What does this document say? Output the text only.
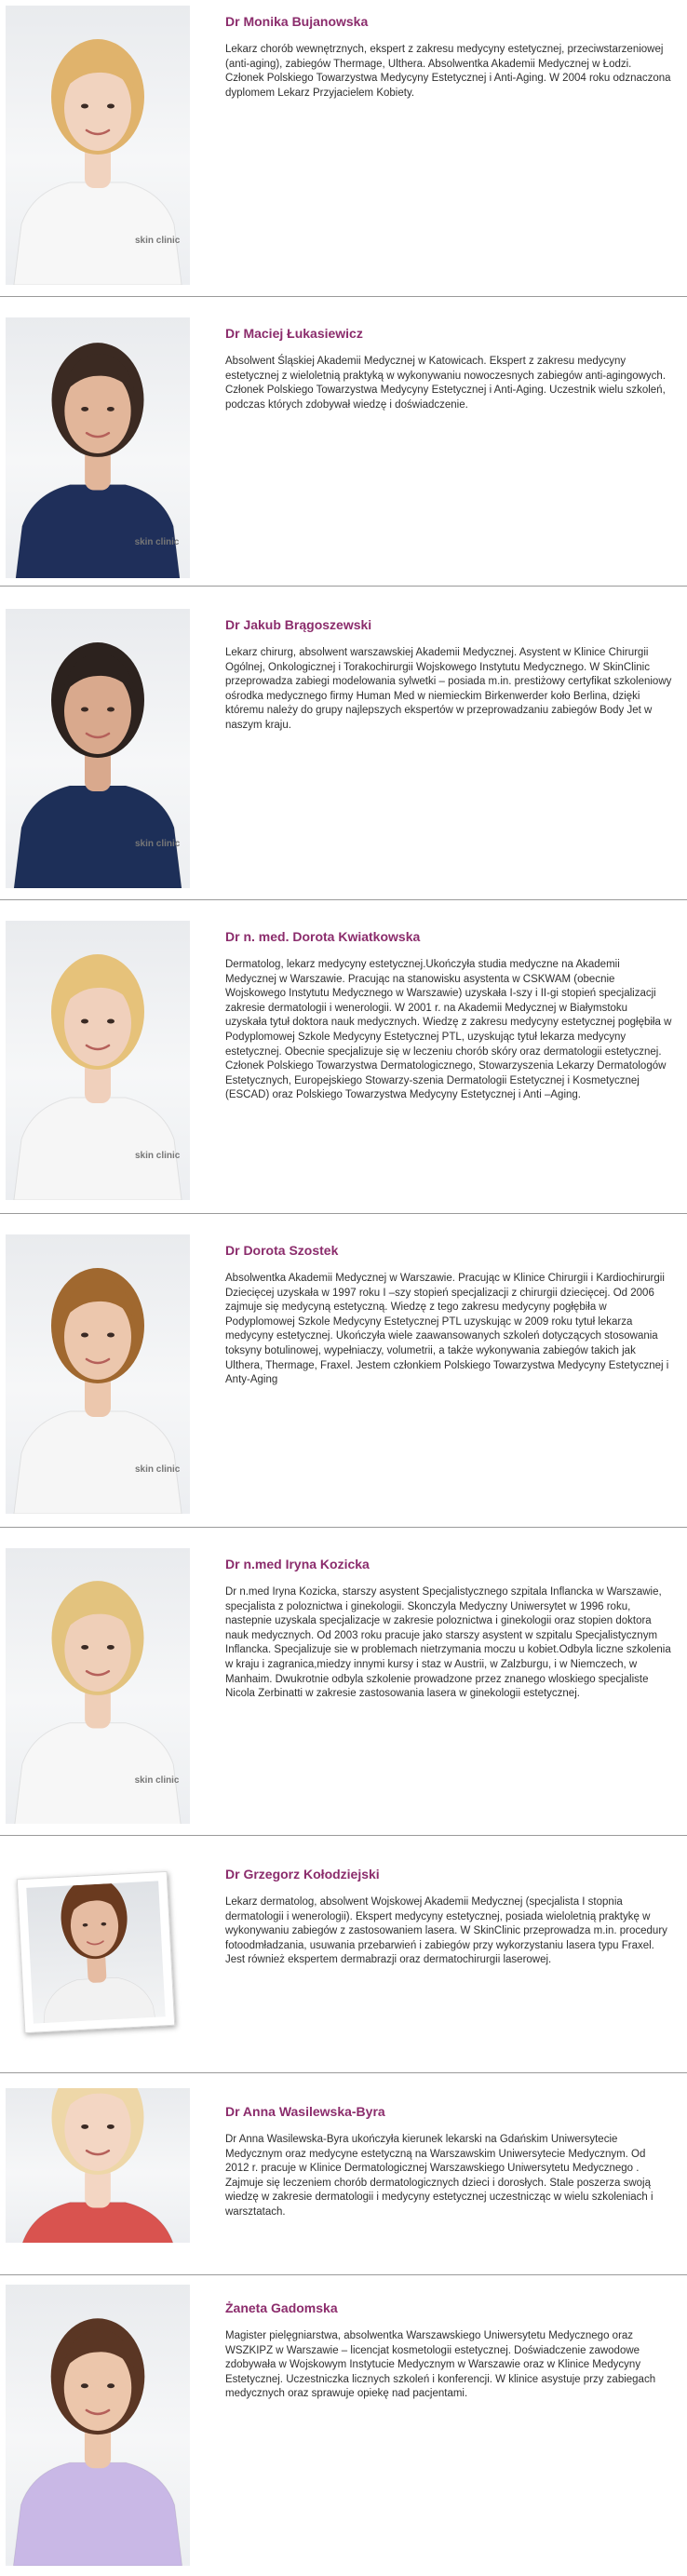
skin clinic
Dr Monika Bujanowska

Lekarz chorób wewnętrznych, ekspert z zakresu medycyny estetycznej, przeciwstarzeniowej (anti-aging), zabiegów Thermage, Ulthera. Absolwentka Akademii Medycznej w Łodzi. Członek Polskiego Towarzystwa Medycyny Estetycznej i Anti-Aging. W 2004 roku odznaczona dyplomem Lekarz Przyjacielem Kobiety.

skin clinic
Dr Maciej Łukasiewicz

Absolwent Śląskiej Akademii Medycznej w Katowicach. Ekspert z zakresu medycyny estetycznej z wieloletnią praktyką w wykonywaniu nowoczesnych zabiegów anti-agingowych. Członek Polskiego Towarzystwa Medycyny Estetycznej i Anti-Aging. Uczestnik wielu szkoleń, podczas których zdobywał wiedzę i doświadczenie.

skin clinic
Dr Jakub Brągoszewski

Lekarz chirurg, absolwent warszawskiej Akademii Medycznej. Asystent w Klinice Chirurgii Ogólnej, Onkologicznej i Torakochirurgii Wojskowego Instytutu Medycznego. W SkinClinic przeprowadza zabiegi modelowania sylwetki – posiada m.in. prestiżowy certyfikat szkoleniowy ośrodka medycznego firmy Human Med w niemieckim Birkenwerder koło Berlina, dzięki któremu należy do grupy najlepszych ekspertów w przeprowadzaniu zabiegów Body Jet w naszym kraju.

skin clinic
Dr n. med. Dorota Kwiatkowska

Dermatolog, lekarz medycyny estetycznej.Ukończyła studia medyczne na Akademii Medycznej w Warszawie. Pracując na stanowisku asystenta w CSKWAM (obecnie Wojskowego Instytutu Medycznego w Warszawie) uzyskała I-szy i II-gi stopień specjalizacji zakresie dermatologii i wenerologii. W 2001 r. na Akademii Medycznej w Białymstoku uzyskała tytuł doktora nauk medycznych. Wiedzę z zakresu medycyny estetycznej pogłębiła w Podyplomowej Szkole Medycyny Estetycznej PTL, uzyskując tytuł lekarza medycyny estetycznej. Obecnie specjalizuje się w leczeniu chorób skóry oraz dermatologii estetycznej. Członek Polskiego Towarzystwa Dermatologicznego, Stowarzyszenia Lekarzy Dermatologów Estetycznych, Europejskiego Stowarzy-szenia Dermatologii Estetycznej i Kosmetycznej (ESCAD) oraz Polskiego Towarzystwa Medycyny Estetycznej i Anti –Aging.

skin clinic
Dr Dorota Szostek

Absolwentka Akademii Medycznej w Warszawie. Pracując w Klinice Chirurgii i Kardiochirurgii Dziecięcej uzyskała w 1997 roku I –szy stopień specjalizacji z chirurgii dziecięcej. Od 2006 zajmuje się medycyną estetyczną. Wiedzę z tego zakresu medycyny pogłębiła w Podyplomowej Szkole Medycyny Estetycznej PTL uzyskując w 2009 roku tytuł lekarza medycyny estetycznej. Ukończyła wiele zaawansowanych szkoleń dotyczących stosowania toksyny botulinowej, wypełniaczy, volumetrii, a także wykonywania zabiegów takich jak Ulthera, Thermage, Fraxel. Jestem członkiem Polskiego Towarzystwa Medycyny Estetycznej i Anty-Aging

skin clinic
Dr n.med Iryna Kozicka

Dr n.med Iryna Kozicka, starszy asystent Specjalistycznego szpitala Inflancka w Warszawie, specjalista z poloznictwa i ginekologii. Skonczyla Medyczny Uniwersytet w 1996 roku, nastepnie uzyskala specjalizacje w zakresie poloznictwa i ginekologii oraz stopien doktora nauk medycznych. Od 2003 roku pracuje jako starszy asystent w szpitalu Specjalistycznym Inflancka. Specjalizuje sie w problemach nietrzymania moczu u kobiet.Odbyla liczne szkolenia w kraju i zagranica,miedzy innymi kursy i staz w Austrii, w Zalzburgu, i w Niemczech, w Manhaim. Dwukrotnie odbyla szkolenie prowadzone przez znanego wloskiego specjaliste Nicola Zerbinatti w zakresie zastosowania lasera w ginekologii estetycznej.

Dr Grzegorz Kołodziejski

Lekarz dermatolog, absolwent Wojskowej Akademii Medycznej (specjalista I stopnia dermatologii i wenerologii). Ekspert medycyny estetycznej, posiada wieloletnią praktykę w wykonywaniu zabiegów z zastosowaniem lasera. W SkinClinic przeprowadza m.in. procedury fotoodmładzania, usuwania przebarwień i zabiegów przy wykorzystaniu lasera typu Fraxel. Jest również ekspertem dermabrazji oraz dermatochirurgii laserowej.

Dr Anna Wasilewska-Byra

Dr Anna Wasilewska-Byra ukończyła kierunek lekarski na Gdańskim Uniwersytecie Medycznym oraz medycyne estetyczną na Warszawskim Uniwersytecie Medycznym. Od 2012 r. pracuje w Klinice Dermatologicznej Warszawskiego Uniwersytetu Medycznego . Zajmuje się leczeniem chorób dermatologicznych dzieci i dorosłych. Stale poszerza swoją wiedzę w zakresie dermatologii i medycyny estetycznej uczestnicząc w wielu szkoleniach i warsztatach.

Żaneta Gadomska

Magister pielęgniarstwa, absolwentka Warszawskiego Uniwersytetu Medycznego oraz WSZKIPZ w Warszawie – licencjat kosmetologii estetycznej. Doświadczenie zawodowe zdobywała w Wojskowym Instytucie Medycznym w Warszawie oraz w Klinice Medycyny Estetycznej. Uczestniczka licznych szkoleń i konferencji. W klinice asystuje przy zabiegach medycznych oraz sprawuje opiekę nad pacjentami.
